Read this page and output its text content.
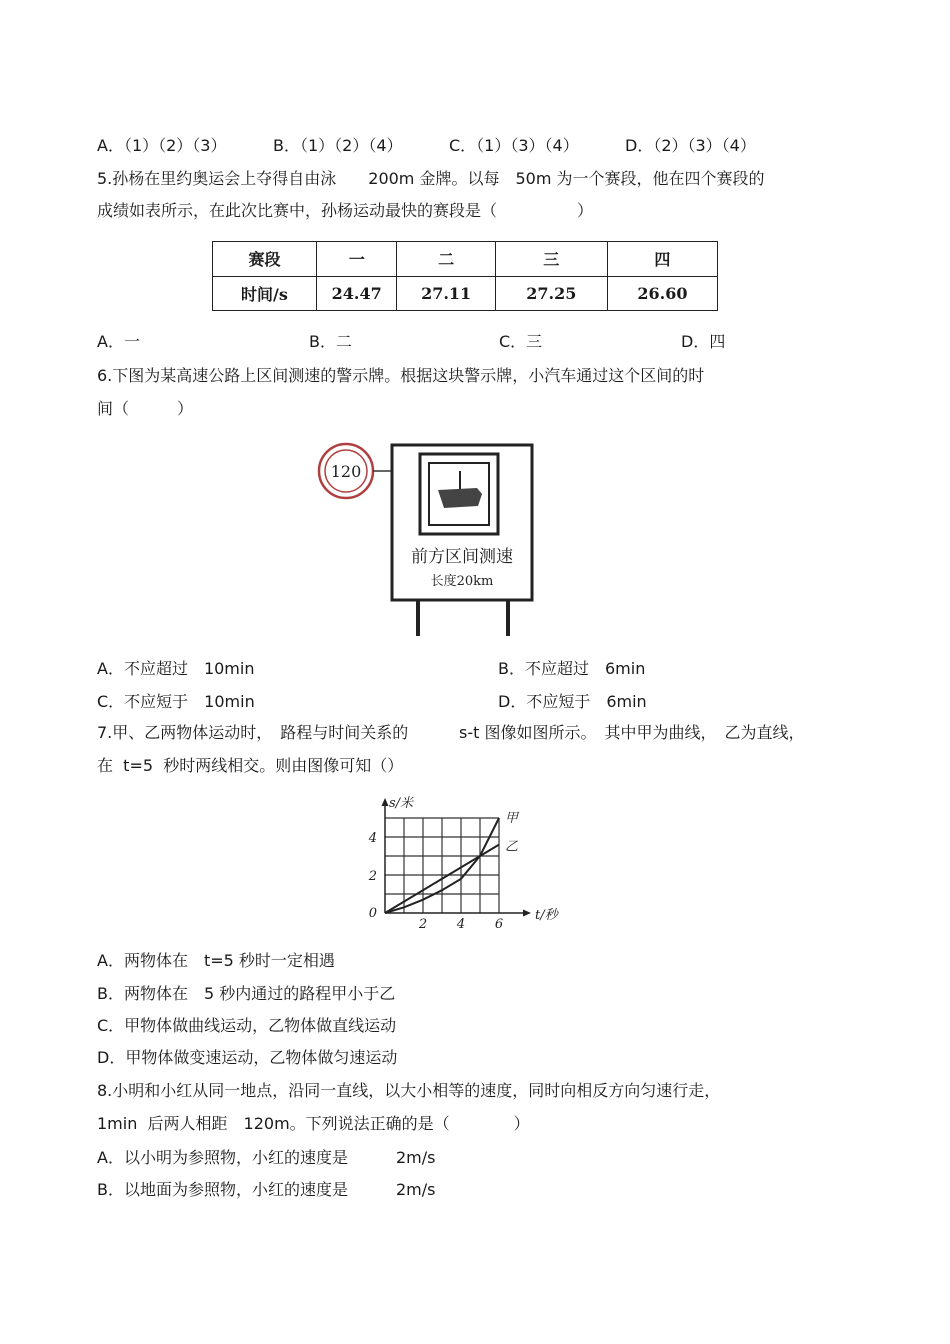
A．（1）（2）（3）	B．（1）（2）（4）	C．（1）（3）（4）	D．（2）（3）（4）
5.孙杨在里约奥运会上夺得自由泳　　200m 金牌。以每　50m 为一个赛段，他在四个赛段的
成绩如表所示，在此次比赛中，孙杨运动最快的赛段是（　　　　　）
赛段	一	二	三	四
时间/s	24.47	27.11	27.25	26.60
A．一	B．二	C．三	D．四
6.下图为某高速公路上区间测速的警示牌。根据这块警示牌，小汽车通过这个区间的时
间（　　　）
120
前方区间测速
长度20km
A．不应超过　10min	B．不应超过　6min
C．不应短于　10min	D．不应短于　6min
7.甲、乙两物体运动时，　路程与时间关系的	s-t 图像如图所示。　其中甲为曲线，　乙为直线，
在  t=5  秒时两线相交。则由图像可知（）
2 4 6
2
4
0
s/米
t/秒
甲
乙
A．两物体在　t=5 秒时一定相遇
B．两物体在　5 秒内通过的路程甲小于乙
C．甲物体做曲线运动，乙物体做直线运动
D．甲物体做变速运动，乙物体做匀速运动
8.小明和小红从同一地点，沿同一直线，以大小相等的速度，同时向相反方向匀速行走，
1min  后两人相距　120m。下列说法正确的是（　　　　）
A．以小明为参照物，小红的速度是　　　2m/s
B．以地面为参照物，小红的速度是　　　2m/s
